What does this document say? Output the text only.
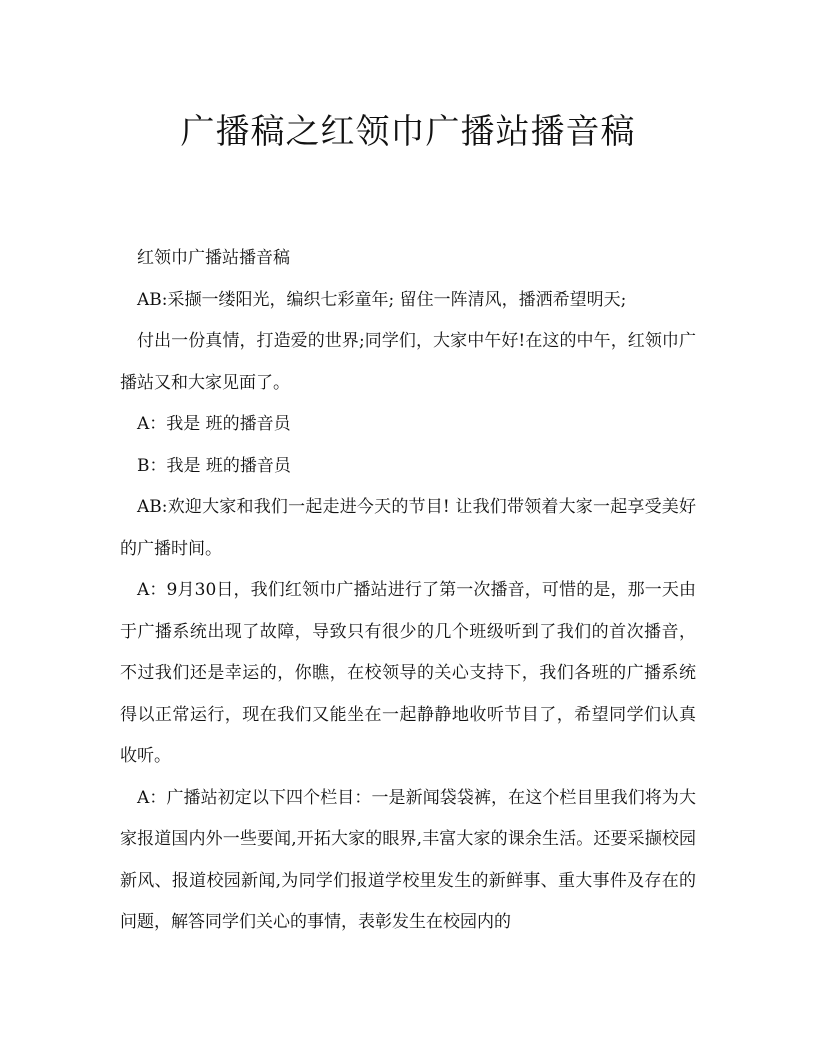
广播稿之红领巾广播站播音稿

红领巾广播站播音稿

AB:采撷一缕阳光，编织七彩童年; 留住一阵清风，播洒希望明天;

付出一份真情，打造爱的世界;同学们，大家中午好!在这的中午，红领巾广播站又和大家见面了。

A：我是 班的播音员

B：我是 班的播音员

AB:欢迎大家和我们一起走进今天的节目! 让我们带领着大家一起享受美好的广播时间。

A：9月30日，我们红领巾广播站进行了第一次播音，可惜的是，那一天由于广播系统出现了故障，导致只有很少的几个班级听到了我们的首次播音，不过我们还是幸运的，你瞧，在校领导的关心支持下，我们各班的广播系统得以正常运行，现在我们又能坐在一起静静地收听节目了，希望同学们认真收听。

A：广播站初定以下四个栏目：一是新闻袋袋裤，在这个栏目里我们将为大家报道国内外一些要闻,开拓大家的眼界,丰富大家的课余生活。还要采撷校园新风、报道校园新闻,为同学们报道学校里发生的新鲜事、重大事件及存在的问题，解答同学们关心的事情，表彰发生在校园内的
